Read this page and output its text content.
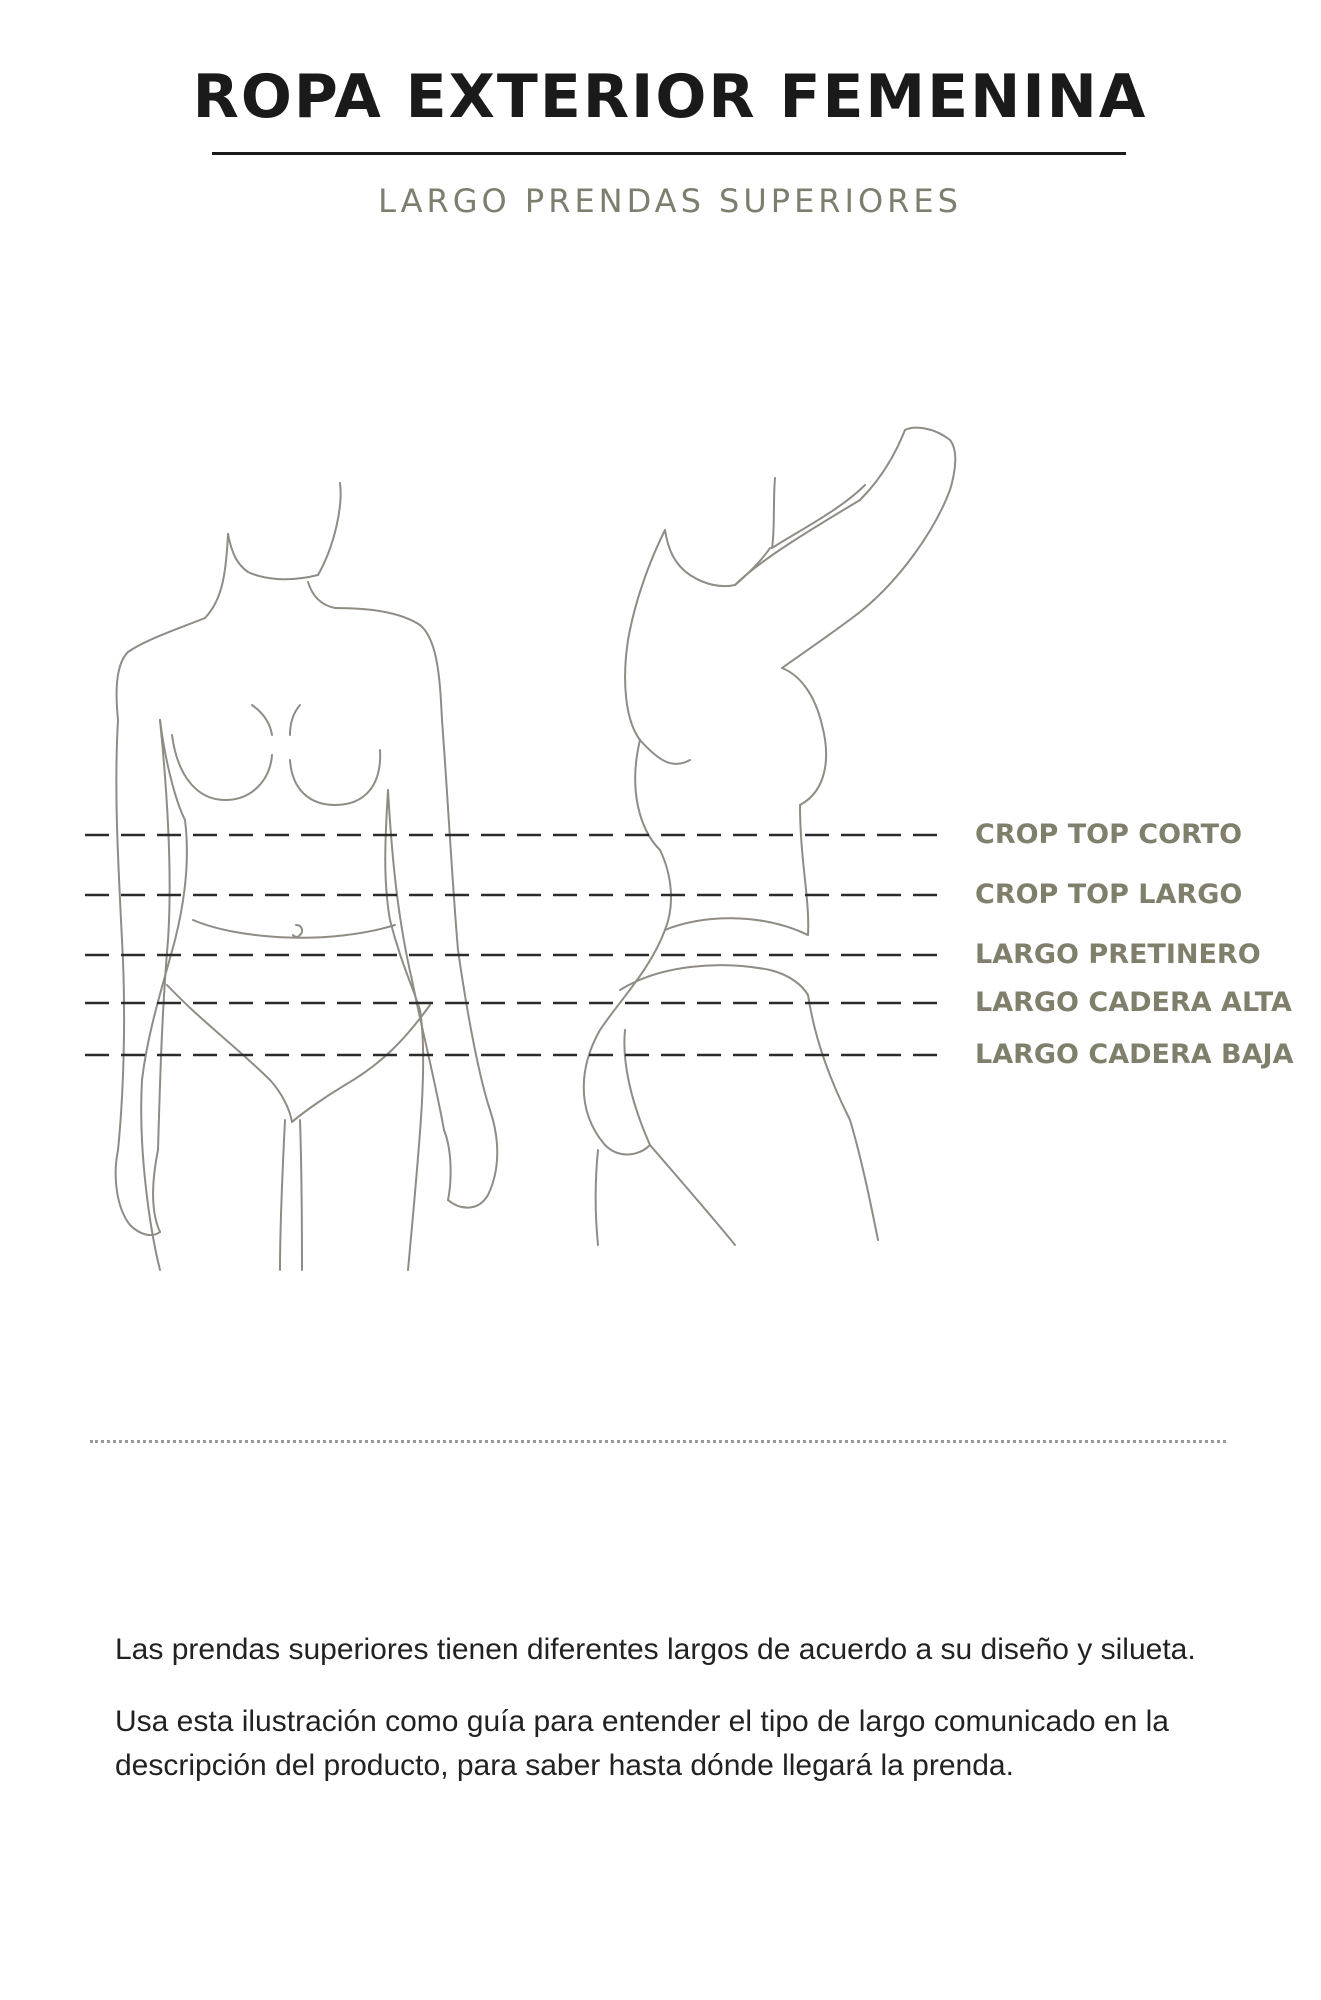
ROPA EXTERIOR FEMENINA

LARGO PRENDAS SUPERIORES

CROP TOP CORTO
CROP TOP LARGO
LARGO PRETINERO
LARGO CADERA ALTA
LARGO CADERA BAJA

Las prendas superiores tienen diferentes largos de acuerdo a su diseño y silueta.

Usa esta ilustración como guía para entender el tipo de largo comunicado en la descripción del producto, para saber hasta dónde llegará la prenda.
